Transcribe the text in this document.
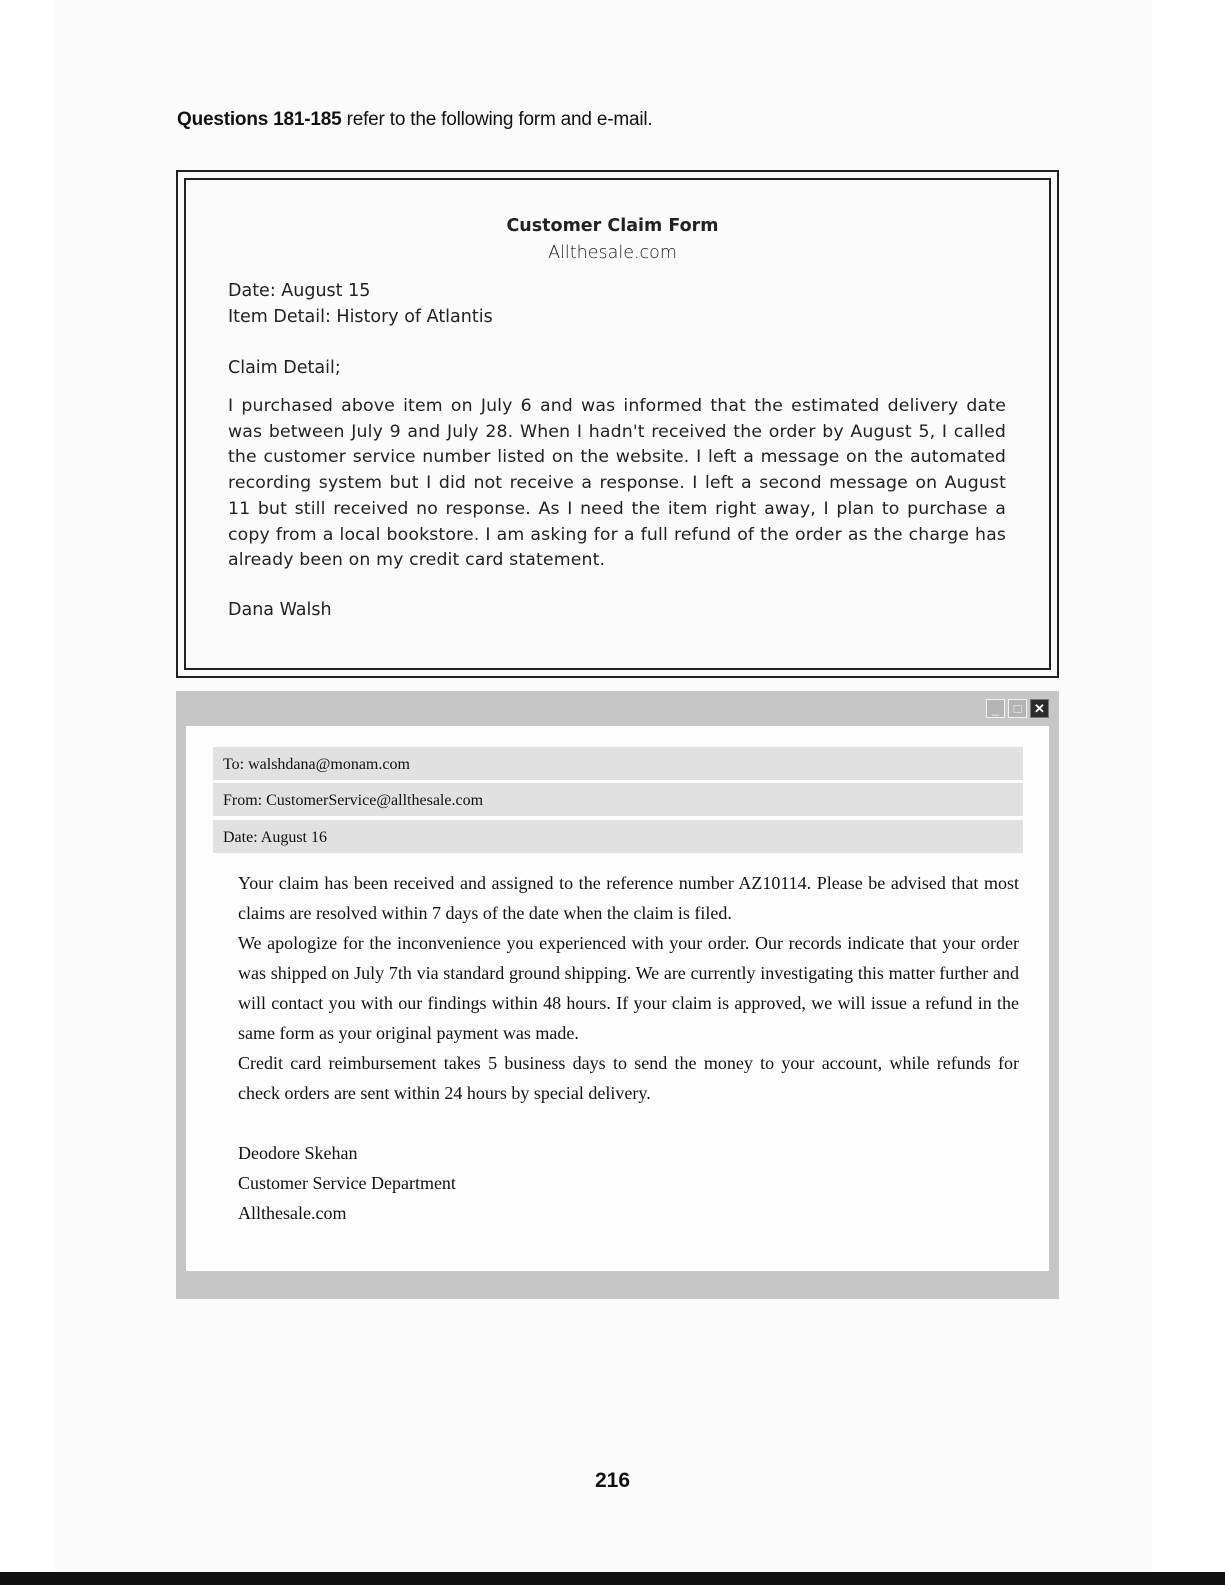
Questions 181-185 refer to the following form and e-mail.
Customer Claim Form
Allthesale.com
Date: August 15
Item Detail: History of Atlantis
Claim Detail;
I purchased above item on July 6 and was informed that the estimated delivery date was between July 9 and July 28. When I hadn't received the order by August 5, I called the customer service number listed on the website. I left a message on the automated recording system but I did not receive a response. I left a second message on August 11 but still received no response. As I need the item right away, I plan to purchase a copy from a local bookstore. I am asking for a full refund of the order as the charge has already been on my credit card statement.
Dana Walsh
_	□ ✕
To: walshdana@monam.com
From: CustomerService@allthesale.com
Date: August 16

Your claim has been received and assigned to the reference number AZ10114. Please be advised that most claims are resolved within 7 days of the date when the claim is filed.

We apologize for the inconvenience you experienced with your order. Our records indicate that your order was shipped on July 7th via standard ground shipping. We are currently investigating this matter further and will contact you with our findings within 48 hours. If your claim is approved, we will issue a refund in the same form as your original payment was made.

Credit card reimbursement takes 5 business days to send the money to your account, while refunds for check orders are sent within 24 hours by special delivery.

Deodore Skehan
Customer Service Department
Allthesale.com
216
